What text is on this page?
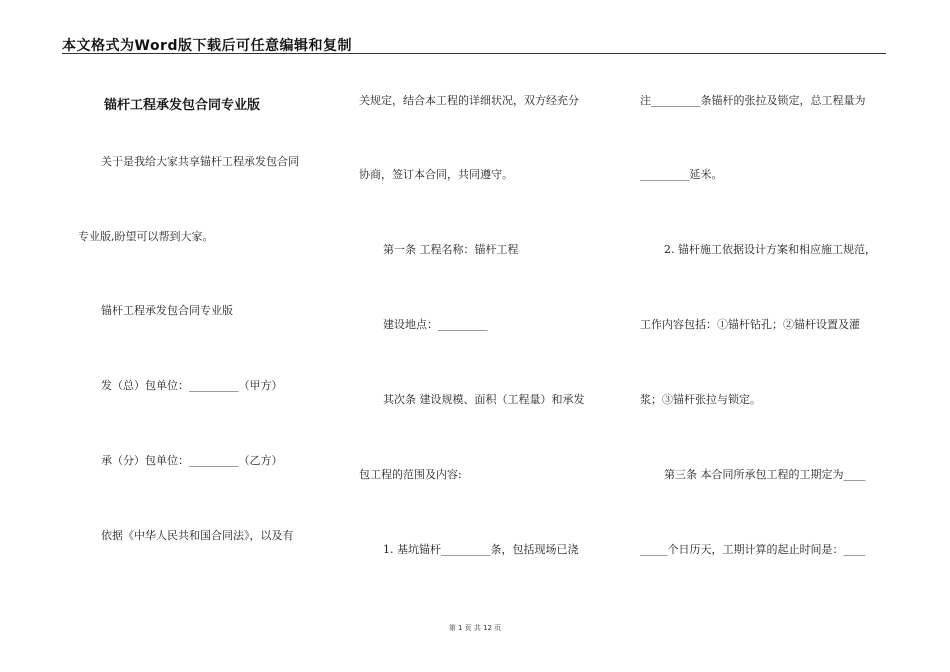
本文格式为Word版下载后可任意编辑和复制
锚杆工程承发包合同专业版
关于是我给大家共享锚杆工程承发包合同
专业版,盼望可以帮到大家。
锚杆工程承发包合同专业版
发（总）包单位：_________（甲方）
承（分）包单位：_________（乙方）
依据《中华人民共和国合同法》，以及有
关规定，结合本工程的详细状况，双方经充分
协商，签订本合同，共同遵守。
第一条 工程名称：锚杆工程
建设地点：_________
其次条 建设规模、面积（工程量）和承发
包工程的范围及内容:
1. 基坑锚杆_________条，包括现场已浇
注_________条锚杆的张拉及锁定，总工程量为
_________延米。
2. 锚杆施工依据设计方案和相应施工规范，
工作内容包括：①锚杆钻孔；②锚杆设置及灌
浆；③锚杆张拉与锁定。
第三条 本合同所承包工程的工期定为____
_____个日历天，工期计算的起止时间是：____
第 1 页 共 12 页
